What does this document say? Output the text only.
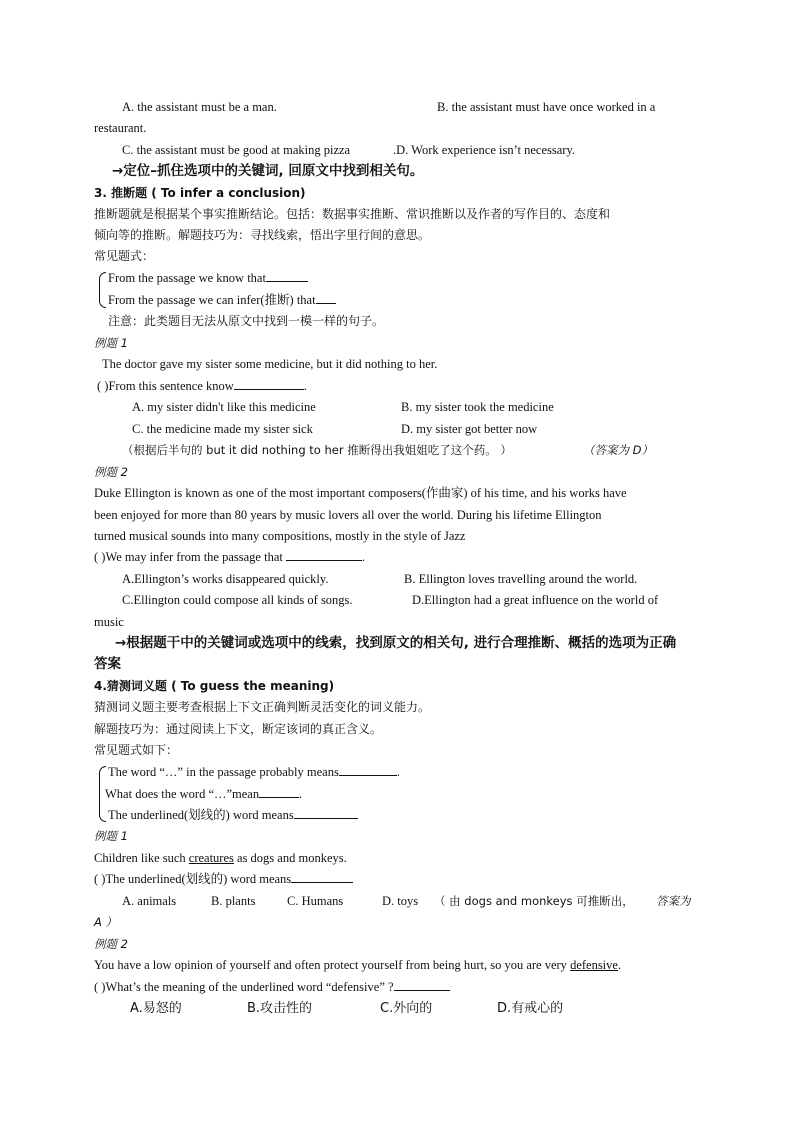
A. the assistant must be a man.	B. the assistant must have once worked in a
restaurant.
C. the assistant must be good at making pizza	.D. Work experience isn’t necessary.
→定位–抓住选项中的关键词, 回原文中找到相关句。
3. 推断题 ( To infer a conclusion)
推断题就是根据某个事实推断结论。包括：数据事实推断、常识推断以及作者的写作目的、态度和
倾向等的推断。解题技巧为：寻找线索，悟出字里行间的意思。
常见题式：
From the passage we know that
From the passage we can infer(推断) that
注意：此类题目无法从原文中找到一模一样的句子。
例题 1
The doctor gave my sister some medicine, but it did nothing to her.
( )From this sentence know	.
A. my sister didn't like this medicine	B. my sister took the medicine
C. the medicine made my sister sick	D. my sister got better now
（根据后半句的 but it did nothing to her 推断得出我姐姐吃了这个药。 ）	（答案为 D）
例题 2
Duke Ellington is known as one of the most important composers(作曲家) of his time, and his works have
been enjoyed for more than 80 years by music lovers all over the world. During his lifetime Ellington
turned musical sounds into many compositions, mostly in the style of Jazz
( )We may infer from the passage that	.
A.Ellington’s works disappeared quickly.	B. Ellington loves travelling around the world.
C.Ellington could compose all kinds of songs.	D.Ellington had a great influence on the world of
music
→根据题干中的关键词或选项中的线索，找到原文的相关句, 进行合理推断、概括的选项为正确
答案
4.猜测词义题 ( To guess the meaning)
猜测词义题主要考查根据上下文正确判断灵活变化的词义能力。
解题技巧为：通过阅读上下文，断定该词的真正含义。
常见题式如下：
The word “…” in the passage probably means	.
What does the word “…”mean	.
The underlined(划线的) word means
例题 1
Children like such creatures as dogs and monkeys.
( )The underlined(划线的) word means
A. animals	B. plants	C. Humans	D. toys （ 由 dogs and monkeys 可推断出， 答案为
A ）
例题 2
You have a low opinion of yourself and often protect yourself from being hurt, so you are very defensive.
( )What’s the meaning of the underlined word “defensive” ?
A.易怒的	B.攻击性的	C.外向的	D.有戒心的
